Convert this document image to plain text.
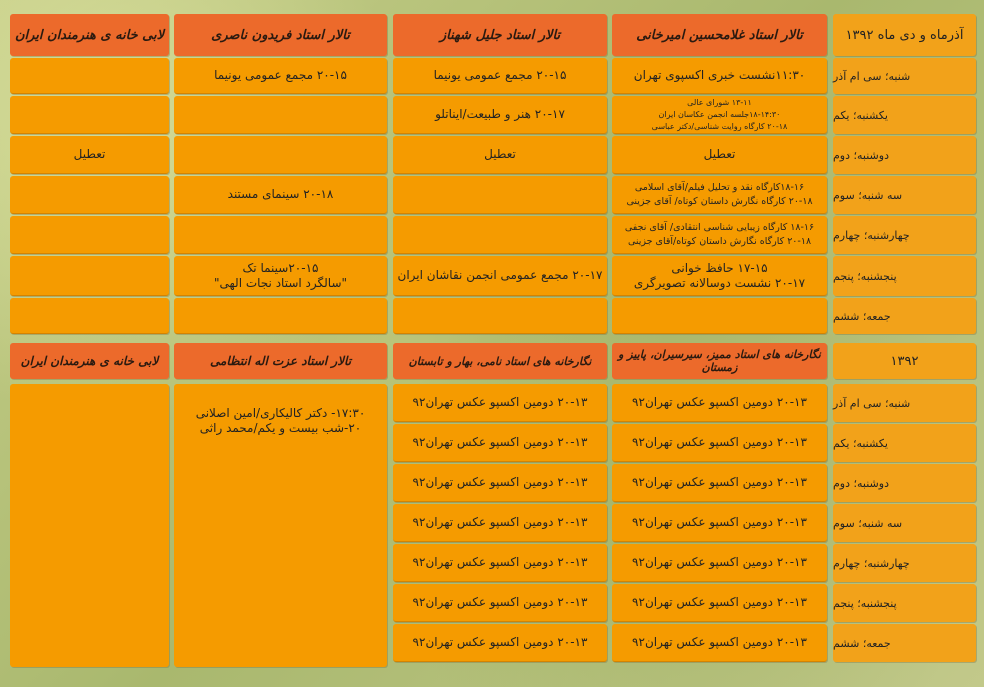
آذرماه و دی ماه ۱۳۹۲
تالار استاد غلامحسین امیرخانی
تالار استاد جلیل شهناز
تالار استاد فریدون ناصری
لابی خانه ی هنرمندان ایران
شنبه؛ سی ام آذر
یکشنبه؛ یکم
دوشنبه؛ دوم
سه شنبه؛ سوم
چهارشنبه؛ چهارم
پنجشنبه؛ پنجم
جمعه؛ ششم
۱۱:۳۰نشست خبری اکسپوی تهران
۱۳-۱۱ شورای عالی
۱۸-۱۴:۳۰جلسه انجمن عکاسان ایران
۲۰-۱۸ کارگاه روایت شناسی/دکتر عباسی
تعطیل
۱۸-۱۶کارگاه نقد و تحلیل فیلم/آقای اسلامی
۲۰-۱۸ کارگاه نگارش داستان کوتاه/ آقای جزینی
۱۸-۱۶ کارگاه زیبایی شناسی انتقادی/ آقای نجفی
۲۰-۱۸ کارگاه نگارش داستان کوتاه/آقای جزینی
۱۷-۱۵ حافظ خوانی
۲۰-۱۷ نشست دوسالانه تصویرگری
۲۰-۱۵ مجمع عمومی یونیما
۲۰-۱۷ هنر و طبیعت/ایناتلو
تعطیل
۲۰-۱۷ مجمع عمومی انجمن نقاشان ایران
۲۰-۱۵ مجمع عمومی یونیما
۲۰-۱۸ سینمای مستند
۲۰-۱۵سینما تک
"سالگرد استاد نجات الهی"
تعطیل
۱۳۹۲
نگارخانه های استاد ممیز، سیرسیران، پاییز و زمستان
نگارخانه های استاد نامی، بهار و تابستان
تالار استاد عزت اله انتظامی
لابی خانه ی هنرمندان ایران
شنبه؛ سی ام آذر
یکشنبه؛ یکم
دوشنبه؛ دوم
سه شنبه؛ سوم
چهارشنبه؛ چهارم
پنجشنبه؛ پنجم
جمعه؛ ششم
۲۰-۱۳ دومین اکسپو عکس تهران۹۲
۲۰-۱۳ دومین اکسپو عکس تهران۹۲
۲۰-۱۳ دومین اکسپو عکس تهران۹۲
۲۰-۱۳ دومین اکسپو عکس تهران۹۲
۲۰-۱۳ دومین اکسپو عکس تهران۹۲
۲۰-۱۳ دومین اکسپو عکس تهران۹۲
۲۰-۱۳ دومین اکسپو عکس تهران۹۲
۲۰-۱۳ دومین اکسپو عکس تهران۹۲
۲۰-۱۳ دومین اکسپو عکس تهران۹۲
۲۰-۱۳ دومین اکسپو عکس تهران۹۲
۲۰-۱۳ دومین اکسپو عکس تهران۹۲
۲۰-۱۳ دومین اکسپو عکس تهران۹۲
۲۰-۱۳ دومین اکسپو عکس تهران۹۲
۲۰-۱۳ دومین اکسپو عکس تهران۹۲
۱۷:۳۰- دکتر کالیکاری/امین اصلانی
۲۰-شب بیست و یکم/محمد راثی
